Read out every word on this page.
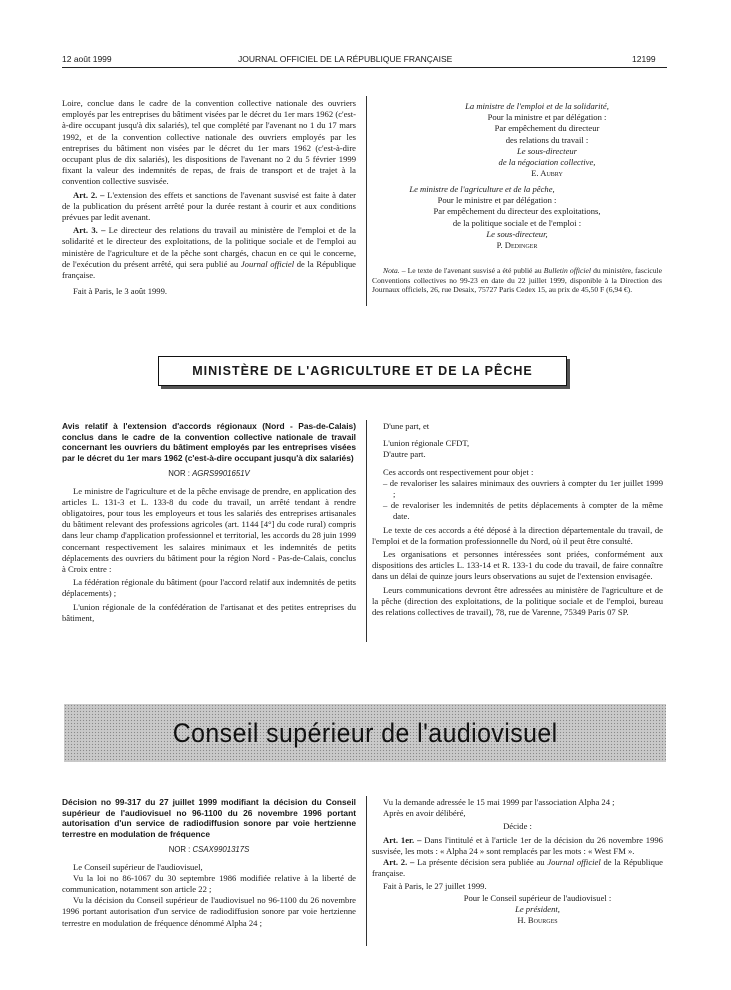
12 août 1999	JOURNAL OFFICIEL DE LA RÉPUBLIQUE FRANÇAISE	12199

Loire, conclue dans le cadre de la convention collective nationale des ouvriers employés par les entreprises du bâtiment visées par le décret du 1er mars 1962 (c'est-à-dire occupant jusqu'à dix salariés), tel que complété par l'avenant no 1 du 17 mars 1992, et de la convention collective nationale des ouvriers employés par les entreprises du bâtiment non visées par le décret du 1er mars 1962 (c'est-à-dire occupant plus de dix salariés), les dispositions de l'avenant no 2 du 5 février 1999 fixant la valeur des indemnités de repas, de frais de transport et de trajet à la convention collective susvisée.

Art. 2. – L'extension des effets et sanctions de l'avenant susvisé est faite à dater de la publication du présent arrêté pour la durée restant à courir et aux conditions prévues par ledit avenant.

Art. 3. – Le directeur des relations du travail au ministère de l'emploi et de la solidarité et le directeur des exploitations, de la politique sociale et de l'emploi au ministère de l'agriculture et de la pêche sont chargés, chacun en ce qui le concerne, de l'exécution du présent arrêté, qui sera publié au Journal officiel de la République française.

Fait à Paris, le 3 août 1999.

La ministre de l'emploi et de la solidarité,
Pour la ministre et par délégation :
Par empêchement du directeur
des relations du travail :
Le sous-directeur
de la négociation collective,
E. Aubry
Le ministre de l'agriculture et de la pêche,
Pour le ministre et par délégation :
Par empêchement du directeur des exploitations,
de la politique sociale et de l'emploi :
Le sous-directeur,
P. Dedinger
Nota. – Le texte de l'avenant susvisé a été publié au Bulletin officiel du ministère, fascicule Conventions collectives no 99-23 en date du 22 juillet 1999, disponible à la Direction des Journaux officiels, 26, rue Desaix, 75727 Paris Cedex 15, au prix de 45,50 F (6,94 €).
MINISTÈRE DE L'AGRICULTURE ET DE LA PÊCHE
Avis relatif à l'extension d'accords régionaux (Nord - Pas-de-Calais) conclus dans le cadre de la convention collective nationale de travail concernant les ouvriers du bâtiment employés par les entreprises visées par le décret du 1er mars 1962 (c'est-à-dire occupant jusqu'à dix salariés)
NOR : AGRS9901651V

Le ministre de l'agriculture et de la pêche envisage de prendre, en application des articles L. 131-3 et L. 133-8 du code du travail, un arrêté tendant à rendre obligatoires, pour tous les employeurs et tous les salariés des entreprises artisanales du bâtiment relevant des professions agricoles (art. 1144 [4°] du code rural) compris dans leur champ d'application professionnel et territorial, les accords du 28 juin 1999 concernant respectivement les salaires minimaux et les indemnités de petits déplacements des ouvriers du bâtiment pour la région Nord - Pas-de-Calais, conclus à Croix entre :

La fédération régionale du bâtiment (pour l'accord relatif aux indemnités de petits déplacements) ;

L'union régionale de la confédération de l'artisanat et des petites entreprises du bâtiment,

D'une part, et

L'union régionale CFDT,

D'autre part.

Ces accords ont respectivement pour objet :

– de revaloriser les salaires minimaux des ouvriers à compter du 1er juillet 1999 ;
– de revaloriser les indemnités de petits déplacements à compter de la même date.

Le texte de ces accords a été déposé à la direction départementale du travail, de l'emploi et de la formation professionnelle du Nord, où il peut être consulté.

Les organisations et personnes intéressées sont priées, conformément aux dispositions des articles L. 133-14 et R. 133-1 du code du travail, de faire connaître dans un délai de quinze jours leurs observations au sujet de l'extension envisagée.

Leurs communications devront être adressées au ministère de l'agriculture et de la pêche (direction des exploitations, de la politique sociale et de l'emploi, bureau des relations collectives de travail), 78, rue de Varenne, 75349 Paris 07 SP.

Conseil supérieur de l'audiovisuel
Décision no 99-317 du 27 juillet 1999 modifiant la décision du Conseil supérieur de l'audiovisuel no 96-1100 du 26 novembre 1996 portant autorisation d'un service de radiodiffusion sonore par voie hertzienne terrestre en modulation de fréquence
NOR : CSAX9901317S

Le Conseil supérieur de l'audiovisuel,

Vu la loi no 86-1067 du 30 septembre 1986 modifiée relative à la liberté de communication, notamment son article 22 ;

Vu la décision du Conseil supérieur de l'audiovisuel no 96-1100 du 26 novembre 1996 portant autorisation d'un service de radiodiffusion sonore par voie hertzienne terrestre en modulation de fréquence dénommé Alpha 24 ;

Vu la demande adressée le 15 mai 1999 par l'association Alpha 24 ;

Après en avoir délibéré,

Décide :

Art. 1er. – Dans l'intitulé et à l'article 1er de la décision du 26 novembre 1996 susvisée, les mots : « Alpha 24 » sont remplacés par les mots : « West FM ».

Art. 2. – La présente décision sera publiée au Journal officiel de la République française.

Fait à Paris, le 27 juillet 1999.

Pour le Conseil supérieur de l'audiovisuel :
Le président,
H. Bourges
